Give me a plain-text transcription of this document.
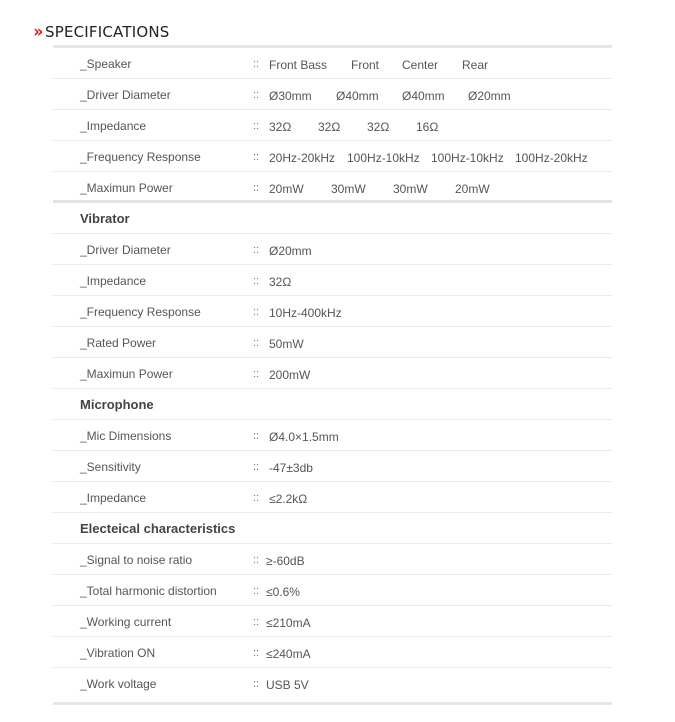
» SPECIFICATIONS
_Speaker	:: Front Bass	Front	Center	Rear
_Driver Diameter	:: Ø30mm	Ø40mm	Ø40mm	Ø20mm
_Impedance	:: 32Ω	32Ω	32Ω	16Ω
_Frequency Response	:: 20Hz-20kHz 100Hz-10kHz 100Hz-10kHz 100Hz-20kHz
_Maximun Power	:: 20mW	30mW	30mW	20mW
Vibrator
_Driver Diameter	:: Ø20mm
_Impedance	:: 32Ω
_Frequency Response	:: 10Hz-400kHz
_Rated Power	:: 50mW
_Maximun Power	:: 200mW
Microphone
_Mic Dimensions	:: Ø4.0×1.5mm
_Sensitivity	:: -47±3db
_Impedance	:: ≤2.2kΩ
Electeical characteristics
_Signal to noise ratio	:: ≥-60dB
_Total harmonic distortion	:: ≤0.6%
_Working current	:: ≤210mA
_Vibration ON	:: ≤240mA
_Work voltage	:: USB 5V
